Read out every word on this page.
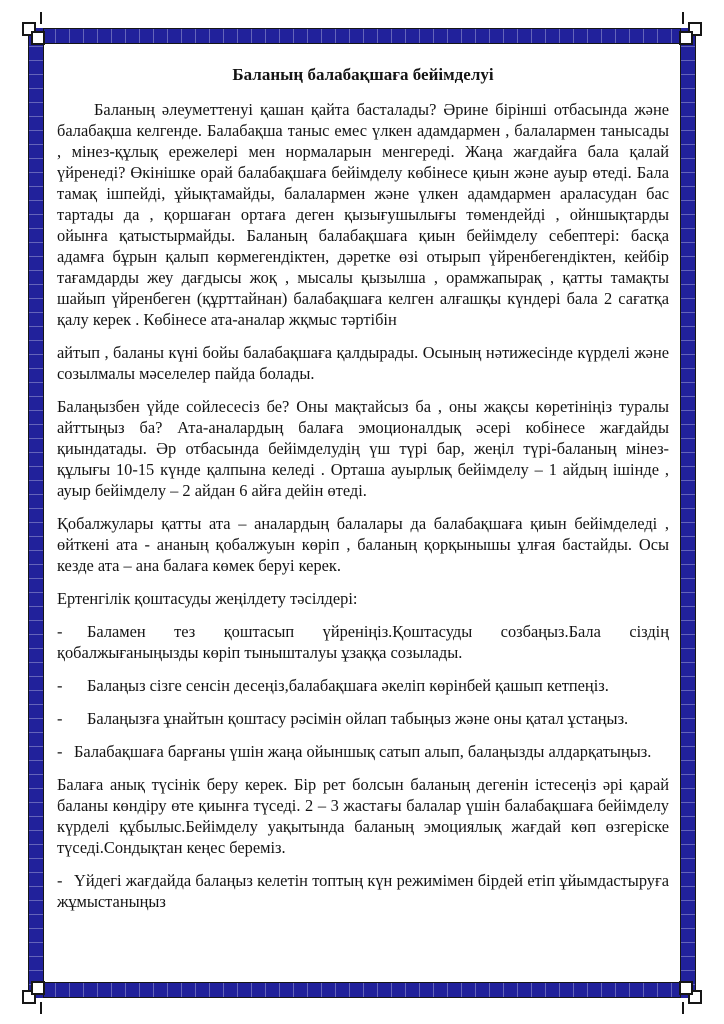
Баланың балабақшаға бейімделуі

Баланың әлеуметтенуі қашан қайта басталады? Әрине бірінші отбасында және балабақша келгенде. Балабақша таныс емес үлкен адамдармен , балалармен танысады , мінез-құлық ережелері мен нормаларын менгереді. Жаңа жағдайға бала қалай үйренеді? Өкінішке орай балабақшаға бейімделу көбінесе қиын және ауыр өтеді. Бала тамақ ішпейді, ұйықтамайды, балалармен және үлкен адамдармен араласудан бас тартады да , қоршаған ортаға деген қызығушылығы төмендейді , ойншықтарды ойынға қатыстырмайды. Баланың балабақшаға қиын бейімделу себептері: басқа адамға бұрын қалып көрмегендіктен, дәретке өзі отырып үйренбегендіктен, кейбір тағамдарды жеу дағдысы жоқ , мысалы қызылша , орамжапырақ , қатты тамақты шайып үйренбеген (құрттайнан) балабақшаға келген алғашқы күндері бала 2 сағатқа қалу керек . Көбінесе ата-аналар жқмыс тәртібін

айтып , баланы күні бойы балабақшаға қалдырады. Осының нәтижесінде күрделі және созылмалы мәселелер пайда болады.

Балаңызбен үйде сойлесесіз бе? Оны мақтайсыз ба , оны жақсы көретініңіз туралы айттыңыз ба? Ата-аналардың балаға эмоционалдық әсері кобінесе жағдайды қиындатады. Әр отбасында бейімделудің үш түрі бар, жеңіл түрі-баланың мінез-құлығы 10-15 күнде қалпына келеді . Орташа ауырлық бейімделу – 1 айдың ішінде , ауыр бейімделу – 2 айдан 6 айға дейін өтеді.

Қобалжулары қатты ата – аналардың балалары да балабақшаға қиын бейімделеді , өйткені ата - ананың қобалжуын көріп , баланың қорқынышы ұлғая бастайды. Осы кезде ата – ана балаға көмек беруі керек.

Ертенгілік қоштасуды жеңілдету тәсілдері:

- Баламен тез қоштасып үйреніңіз.Қоштасуды созбаңыз.Бала сіздің қобалжығаныңызды көріп тынышталуы ұзаққа созылады.

- Балаңыз сізге сенсін десеңіз,балабақшаға әкеліп көрінбей қашып кетпеңіз.

- Балаңызға ұнайтын қоштасу рәсімін ойлап табыңыз және оны қатал ұстаңыз.

- Балабақшаға барғаны үшін жаңа ойыншық сатып алып, балаңызды алдарқатыңыз.

Балаға анық түсінік беру керек. Бір рет болсын баланың дегенін істесеңіз әрі қарай баланы көндіру өте қиынға түседі. 2 – 3 жастағы балалар үшін балабақшаға бейімделу күрделі құбылыс.Бейімделу уақытында баланың эмоциялық жағдай көп өзгеріске түседі.Сондықтан кеңес береміз.

- Үйдегі жағдайда балаңыз келетін топтың күн режимімен бірдей етіп ұйымдастыруға жұмыстаныңыз
